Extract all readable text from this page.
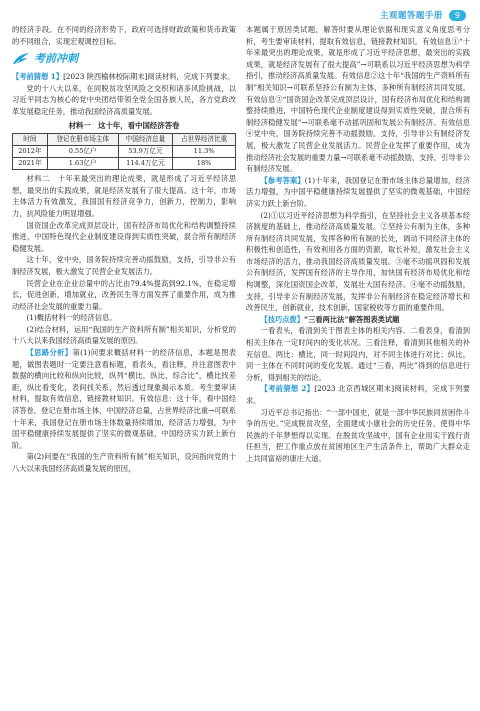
主观题答题手册	9

的经济手段。在不同的经济形势下，政府可选择财政政策和货币政策的不同组合，实现宏观调控目标。

考前冲刺

【考前猜想 1】[2023 陕西榆林校际期末]阅读材料，完成下列要求。

党的十八大以来，在同脱贫攻坚风险之交织和诸多风险挑战，以习近平同志为核心的党中央团结带领全党全国各族人民，各方党政改革发展稳定任务，推动我国经济高质量发展。

材料一　这十年，看中国经济答卷
时间	登记在册市场主体	中国经济总量	占世界经济比重
2012年	0.55亿户	53.9万亿元	11.3%
2021年	1.63亿户	114.4万亿元	18%

材料二　十年来最突出的理论成果，就是形成了习近平经济思想，最突出的实践成果，就是经济发展有了很大提高。这十年，市场主体活力有效激发，我国国有经济竞争力，创新力，控制力，影响力，抗风险能力明显增强。

国资国企改革完成顶层设计，国有经济布局优化和结构调整持续推进，中国特色现代企业制度建设得到实质性突破，混合所有制经济稳健发展。

这十年，党中央，国务院持续完善动摇鼓励，支持，引导非公有制经济发展，极大激发了民营企业发展活力。

民营企业在企业总量中的占比由79.4%提高到92.1%，在稳定增长，促进创新，增加就业，改善民生等方面发挥了重要作用，成为推动经济社会发展的重要力量。

(1)概括材料一的经济信息。

(2)结合材料，运用“我国的生产资料所有制”相关知识，分析党的十八大以来我国经济高质量发展的原因。

【思路分析】第(1)问要求概括材料一的经济信息，本题是图表题，做图表题时一定要注意看标题，看表头，看注释，并注意图表中数据的横向比较和纵向比较，纵列“横比，纵比，综合比”，横比找差距，纵比看变化，表间找关系，然后透过现象揭示本质。考生要审读材料，提取有效信息，链接教材知识。有效信息：这十年，看中国经济答卷，登记在册市场主体，中国经济总量，占世界经济比重→可联系十年来，我国登记在册市场主体数量持续增加，经济活力增强，为中国平稳健康持续发展提供了坚实的微观基础，中国经济实力跃上新台阶。

第(2)问要在“我国的生产资料所有制”相关知识，设问指向党的十八大以来我国经济高质量发展的原因，

本题属于原因类试题，解答时要从理论依据和现实意义角度思考分析，考生要审读材料，提取有效信息，链接教材知识。有效信息①“十年来最突出的理论成果，就是形成了习近平经济思想，最突出的实践成果，就是经济发展有了很大提高”→可联系以习近平经济思想为科学指引，推动经济高质量发展。有效信息②这十年“我国的生产资料所有制”相关知识→可联系坚持公有制为主体，多种所有制经济共同发展。有效信息③“国资国企改革完成顶层设计，国有经济布局优化和结构调整持续推进，中国特色现代企业制度建设得到实质性突破，混合所有制经济稳健发展”→可联系毫不动摇巩固和发展公有制经济。有效信息④党中央，国务院持续完善不动摇鼓励，支持，引导非公有制经济发展，极大激发了民营企业发展活力。民营企业发挥了重要作用，成为推动经济社会发展的重要力量→可联系毫不动摇鼓励，支持，引导非公有制经济发展。

【参考答案】(1)十年来，我国登记在册市场主体总量增加，经济活力增强，为中国平稳健康持续发展提供了坚实的微观基础，中国经济实力跃上新台阶。

(2)①以习近平经济思想为科学指引，在坚持社会主义各项基本经济制度的基础上，推动经济高质量发展。②坚持公有制为主体，多种所有制经济共同发展，发挥各种所有制的长处，调动不同经济主体的积极性和创造性，有效利用各方面的资源，取长补短，激发社会主义市场经济的活力，推动我国经济高质量发展。③毫不动摇巩固和发展公有制经济，发挥国有经济的主导作用，加快国有经济布局优化和结构调整，深化国资国企改革，发展壮大国有经济。④毫不动摇鼓励，支持，引导非公有制经济发展，发挥非公有制经济在稳定经济增长和改善民生，创新就业，技术创新，国家税收等方面的重要作用。

【技巧点拨】“三看两比法”解答图表类试题

一看表头，看清到关于图表主体的相关内容。二看表身，看清到相关主体在一定时间内的变化状况。三看注释，看清到其他相关的补充信息。两比：横比，同一时间段内，对不同主体进行对比；纵比，同一主体在不同时间的变化发展。通过“三看，两比”得到的信息进行分析，得到相关的结论。

【考前猜想 2】[2023 北京西城区期末]阅读材料，完成下列要求。

习近平总书记指出：“一部中国史，就是一部中华民族同贫困作斗争的历史。”完成脱贫攻坚，全面建成小康社会的历史任务，使得中华民族的千年梦想得以实现。在脱贫攻坚战中，国有企业用实干践行责任担当，把工作重点放在贫困地区生产生活条件上，帮助广大群众走上共同富裕的康庄大道。
